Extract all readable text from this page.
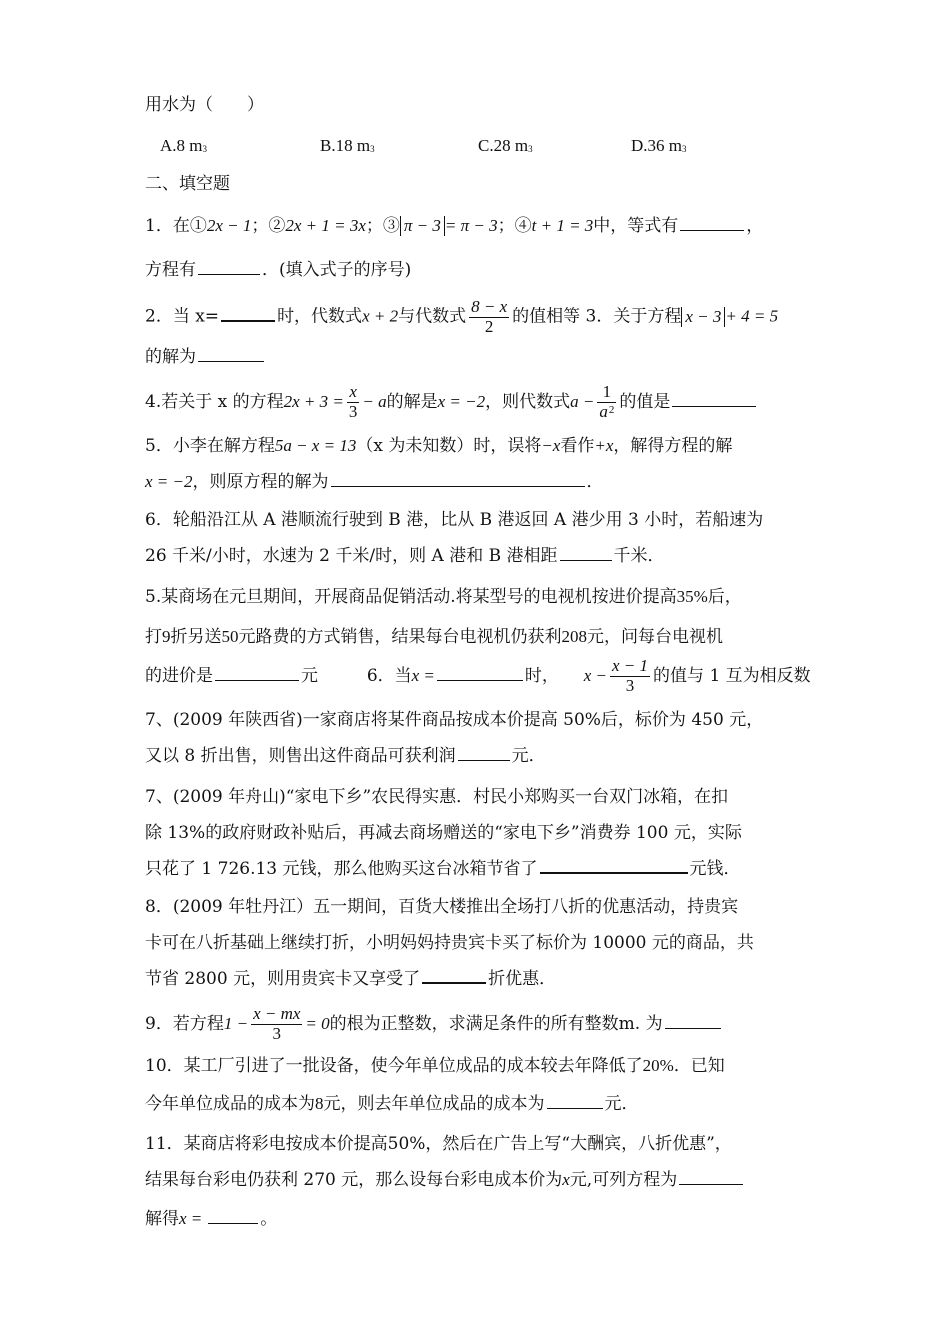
用水为（　　）
A.8 $m^3$	B.18 $m^3$	C.28 $m^3$	D.36 $m^3$
二、填空题
1．在①2x − 1；②2x + 1 = 3x；③ π − 3 = π − 3；④t + 1 = 3中，等式有	，
方程有	．(填入式子的序号)
2．当 x=	时，代数式x + 2与代数式 $\frac{8 - x}{2}$ 的值相等 3．关于方程 x − 3 + 4 = 5
的解为
4.若关于 x 的方程$2x + 3 = \frac{x}{3} - a$的解是x = −2，则代数式$a - \frac{1}{a^2}$ 的值是
5．小李在解方程5a − x = 13（x 为未知数）时，误将−x看作+x，解得方程的解
x = −2，则原方程的解为	．
6．轮船沿江从 A 港顺流行驶到 B 港，比从 B 港返回 A 港少用 3 小时，若船速为
26 千米/小时，水速为 2 千米/时，则 A 港和 B 港相距	千米．
5.某商场在元旦期间，开展商品促销活动.将某型号的电视机按进价提高35%后，
打9折另送50元路费的方式销售，结果每台电视机仍获利208元，问每台电视机
的进价是	元	6．当x =	时， $x - \frac{x - 1}{3}$ 的值与 1 互为相反数
7、(2009 年陕西省)一家商店将某件商品按成本价提高 50%后，标价为 450 元，
又以 8 折出售，则售出这件商品可获利润	元．
7、(2009 年舟山)“家电下乡”农民得实惠．村民小郑购买一台双门冰箱，在扣
除 13%的政府财政补贴后，再减去商场赠送的“家电下乡”消费券 100 元，实际
只花了 1 726.13 元钱，那么他购买这台冰箱节省了	元钱．
8．(2009 年牡丹江）五一期间，百货大楼推出全场打八折的优惠活动，持贵宾
卡可在八折基础上继续打折，小明妈妈持贵宾卡买了标价为 10000 元的商品，共
节省 2800 元，则用贵宾卡又享受了	折优惠．
9．若方程$1 - \frac{x - mx}{3} = 0$的根为正整数，求满足条件的所有整数m. 为
10．某工厂引进了一批设备，使今年单位成品的成本较去年降低了20%．已知
今年单位成品的成本为8元，则去年单位成品的成本为	元．
11．某商店将彩电按成本价提高50%，然后在广告上写“大酬宾，八折优惠”，
结果每台彩电仍获利 270 元，那么设每台彩电成本价为x元,可列方程为
解得x =	。
